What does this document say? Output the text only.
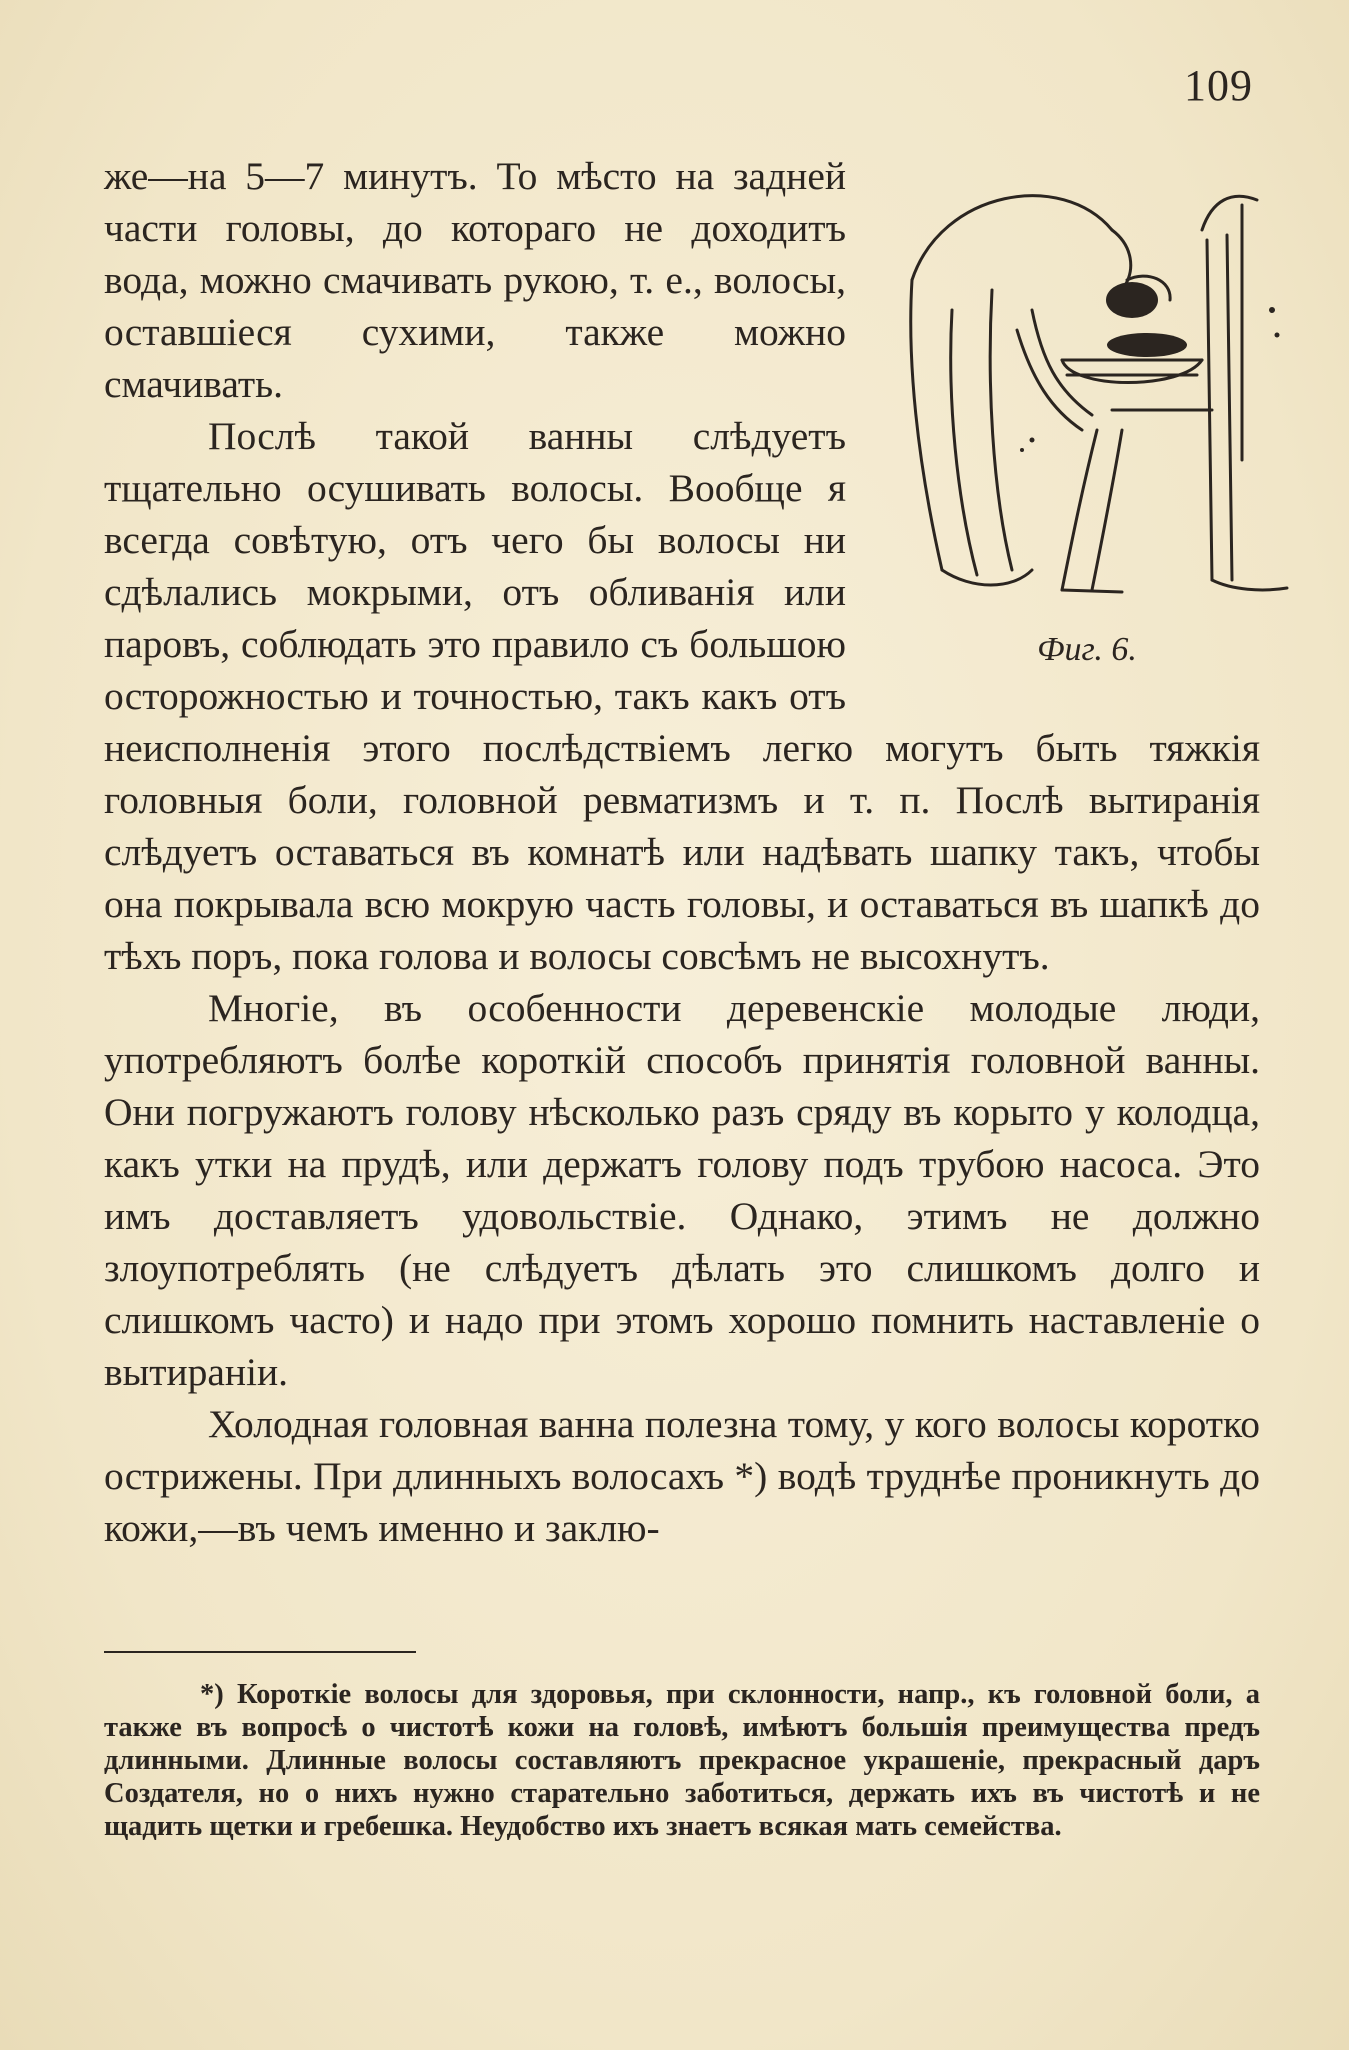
109
Фиг. 6.

же—на 5—7 минутъ. То мѣсто на задней части головы, до котораго не доходитъ вода, можно смачивать рукою, т. е., волосы, оставшіеся сухими, также можно смачивать.

Послѣ такой ванны слѣдуетъ тщательно осушивать волосы. Вообще я всегда совѣтую, отъ чего бы волосы ни сдѣлались мокрыми, отъ обливанія или паровъ, соблюдать это правило съ большою осторожностью и точностью, такъ какъ отъ неисполненія этого послѣдствіемъ легко могутъ быть тяжкія головныя боли, головной ревматизмъ и т. п. Послѣ вытиранія слѣдуетъ оставаться въ комнатѣ или надѣвать шапку такъ, чтобы она покрывала всю мокрую часть головы, и оставаться въ шапкѣ до тѣхъ поръ, пока голова и волосы совсѣмъ не высохнутъ.

Многіе, въ особенности деревенскіе молодые люди, употребляютъ болѣе короткій способъ принятія головной ванны. Они погружаютъ голову нѣсколько разъ сряду въ корыто у колодца, какъ утки на прудѣ, или держатъ голову подъ трубою насоса. Это имъ доставляетъ удовольствіе. Однако, этимъ не должно злоупотреблять (не слѣдуетъ дѣлать это слишкомъ долго и слишкомъ часто) и надо при этомъ хорошо помнить наставленіе о вытираніи.

Холодная головная ванна полезна тому, у кого волосы коротко острижены. При длинныхъ волосахъ *) водѣ труднѣе проникнуть до кожи,—въ чемъ именно и заклю-

*) Короткіе волосы для здоровья, при склонности, напр., къ головной боли, а также въ вопросѣ о чистотѣ кожи на головѣ, имѣютъ большія преимущества предъ длинными. Длинные волосы составляютъ прекрасное украшеніе, прекрасный даръ Создателя, но о нихъ нужно старательно заботиться, держать ихъ въ чистотѣ и не щадить щетки и гребешка. Неудобство ихъ знаетъ всякая мать семейства.
